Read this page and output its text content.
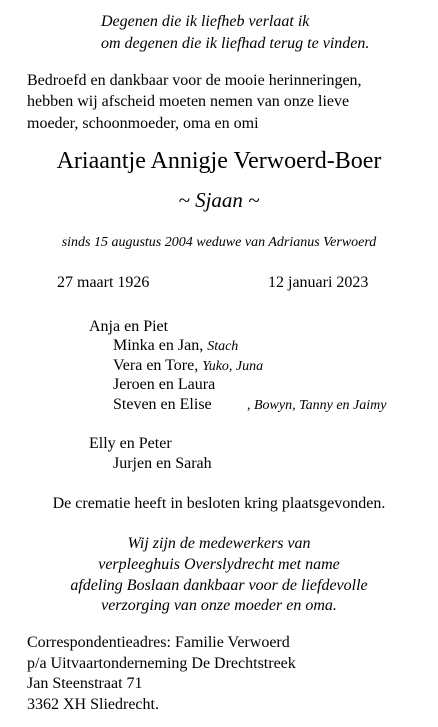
Degenen die ik liefheb verlaat ik
om degenen die ik liefhad terug te vinden.
Bedroefd en dankbaar voor de mooie herinneringen,
hebben wij afscheid moeten nemen van onze lieve
moeder, schoonmoeder, oma en omi
Ariaantje Annigje Verwoerd-Boer
~ Sjaan ~
sinds 15 augustus 2004 weduwe van Adrianus Verwoerd
27 maart 1926	12 januari 2023
Anja en Piet
Minka en Jan, Stach
Vera en Tore, Yuko, Juna
Jeroen en Laura
Steven en Elise	, Bowyn, Tanny en Jaimy
Elly en Peter
Jurjen en Sarah
De crematie heeft in besloten kring plaatsgevonden.
Wij zijn de medewerkers van
verpleeghuis Overslydrecht met name
afdeling Boslaan dankbaar voor de liefdevolle
verzorging van onze moeder en oma.
Correspondentieadres: Familie Verwoerd
p/a Uitvaartonderneming De Drechtstreek
Jan Steenstraat 71
3362 XH Sliedrecht.
